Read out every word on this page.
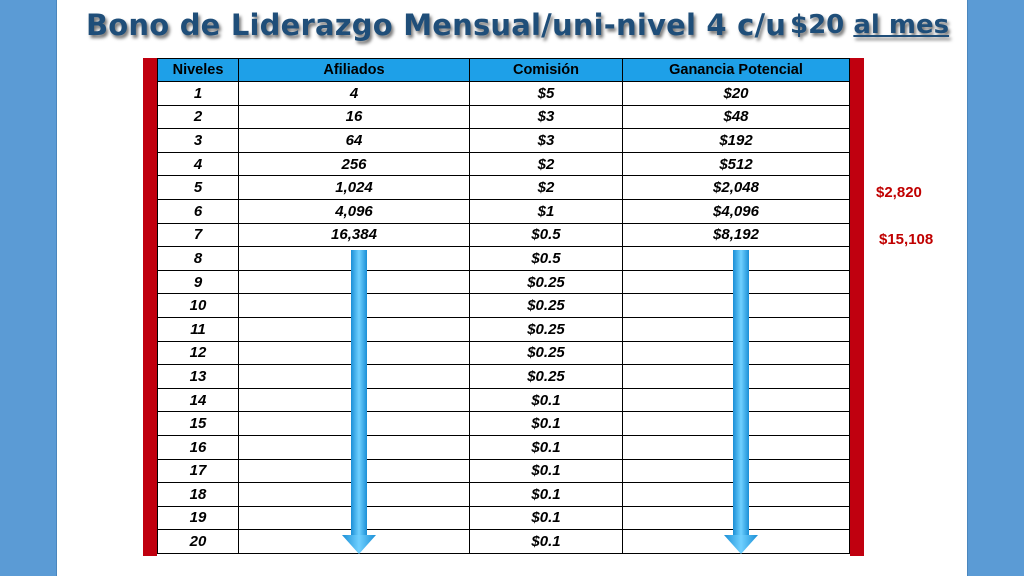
Bono de Liderazgo Mensual/uni-nivel 4 c/u $20 al mes
Niveles	Afiliados	Comisión	Ganancia Potencial
1	4	$5	$20
2	16	$3	$48
3	64	$3	$192
4	256	$2	$512
5	1,024	$2	$2,048
6	4,096	$1	$4,096
7	16,384	$0.5	$8,192
8		$0.5	
9		$0.25	
10		$0.25	
11		$0.25	
12		$0.25	
13		$0.25	
14		$0.1	
15		$0.1	
16		$0.1	
17		$0.1	
18		$0.1	
19		$0.1	
20		$0.1	
$2,820
$15,108
